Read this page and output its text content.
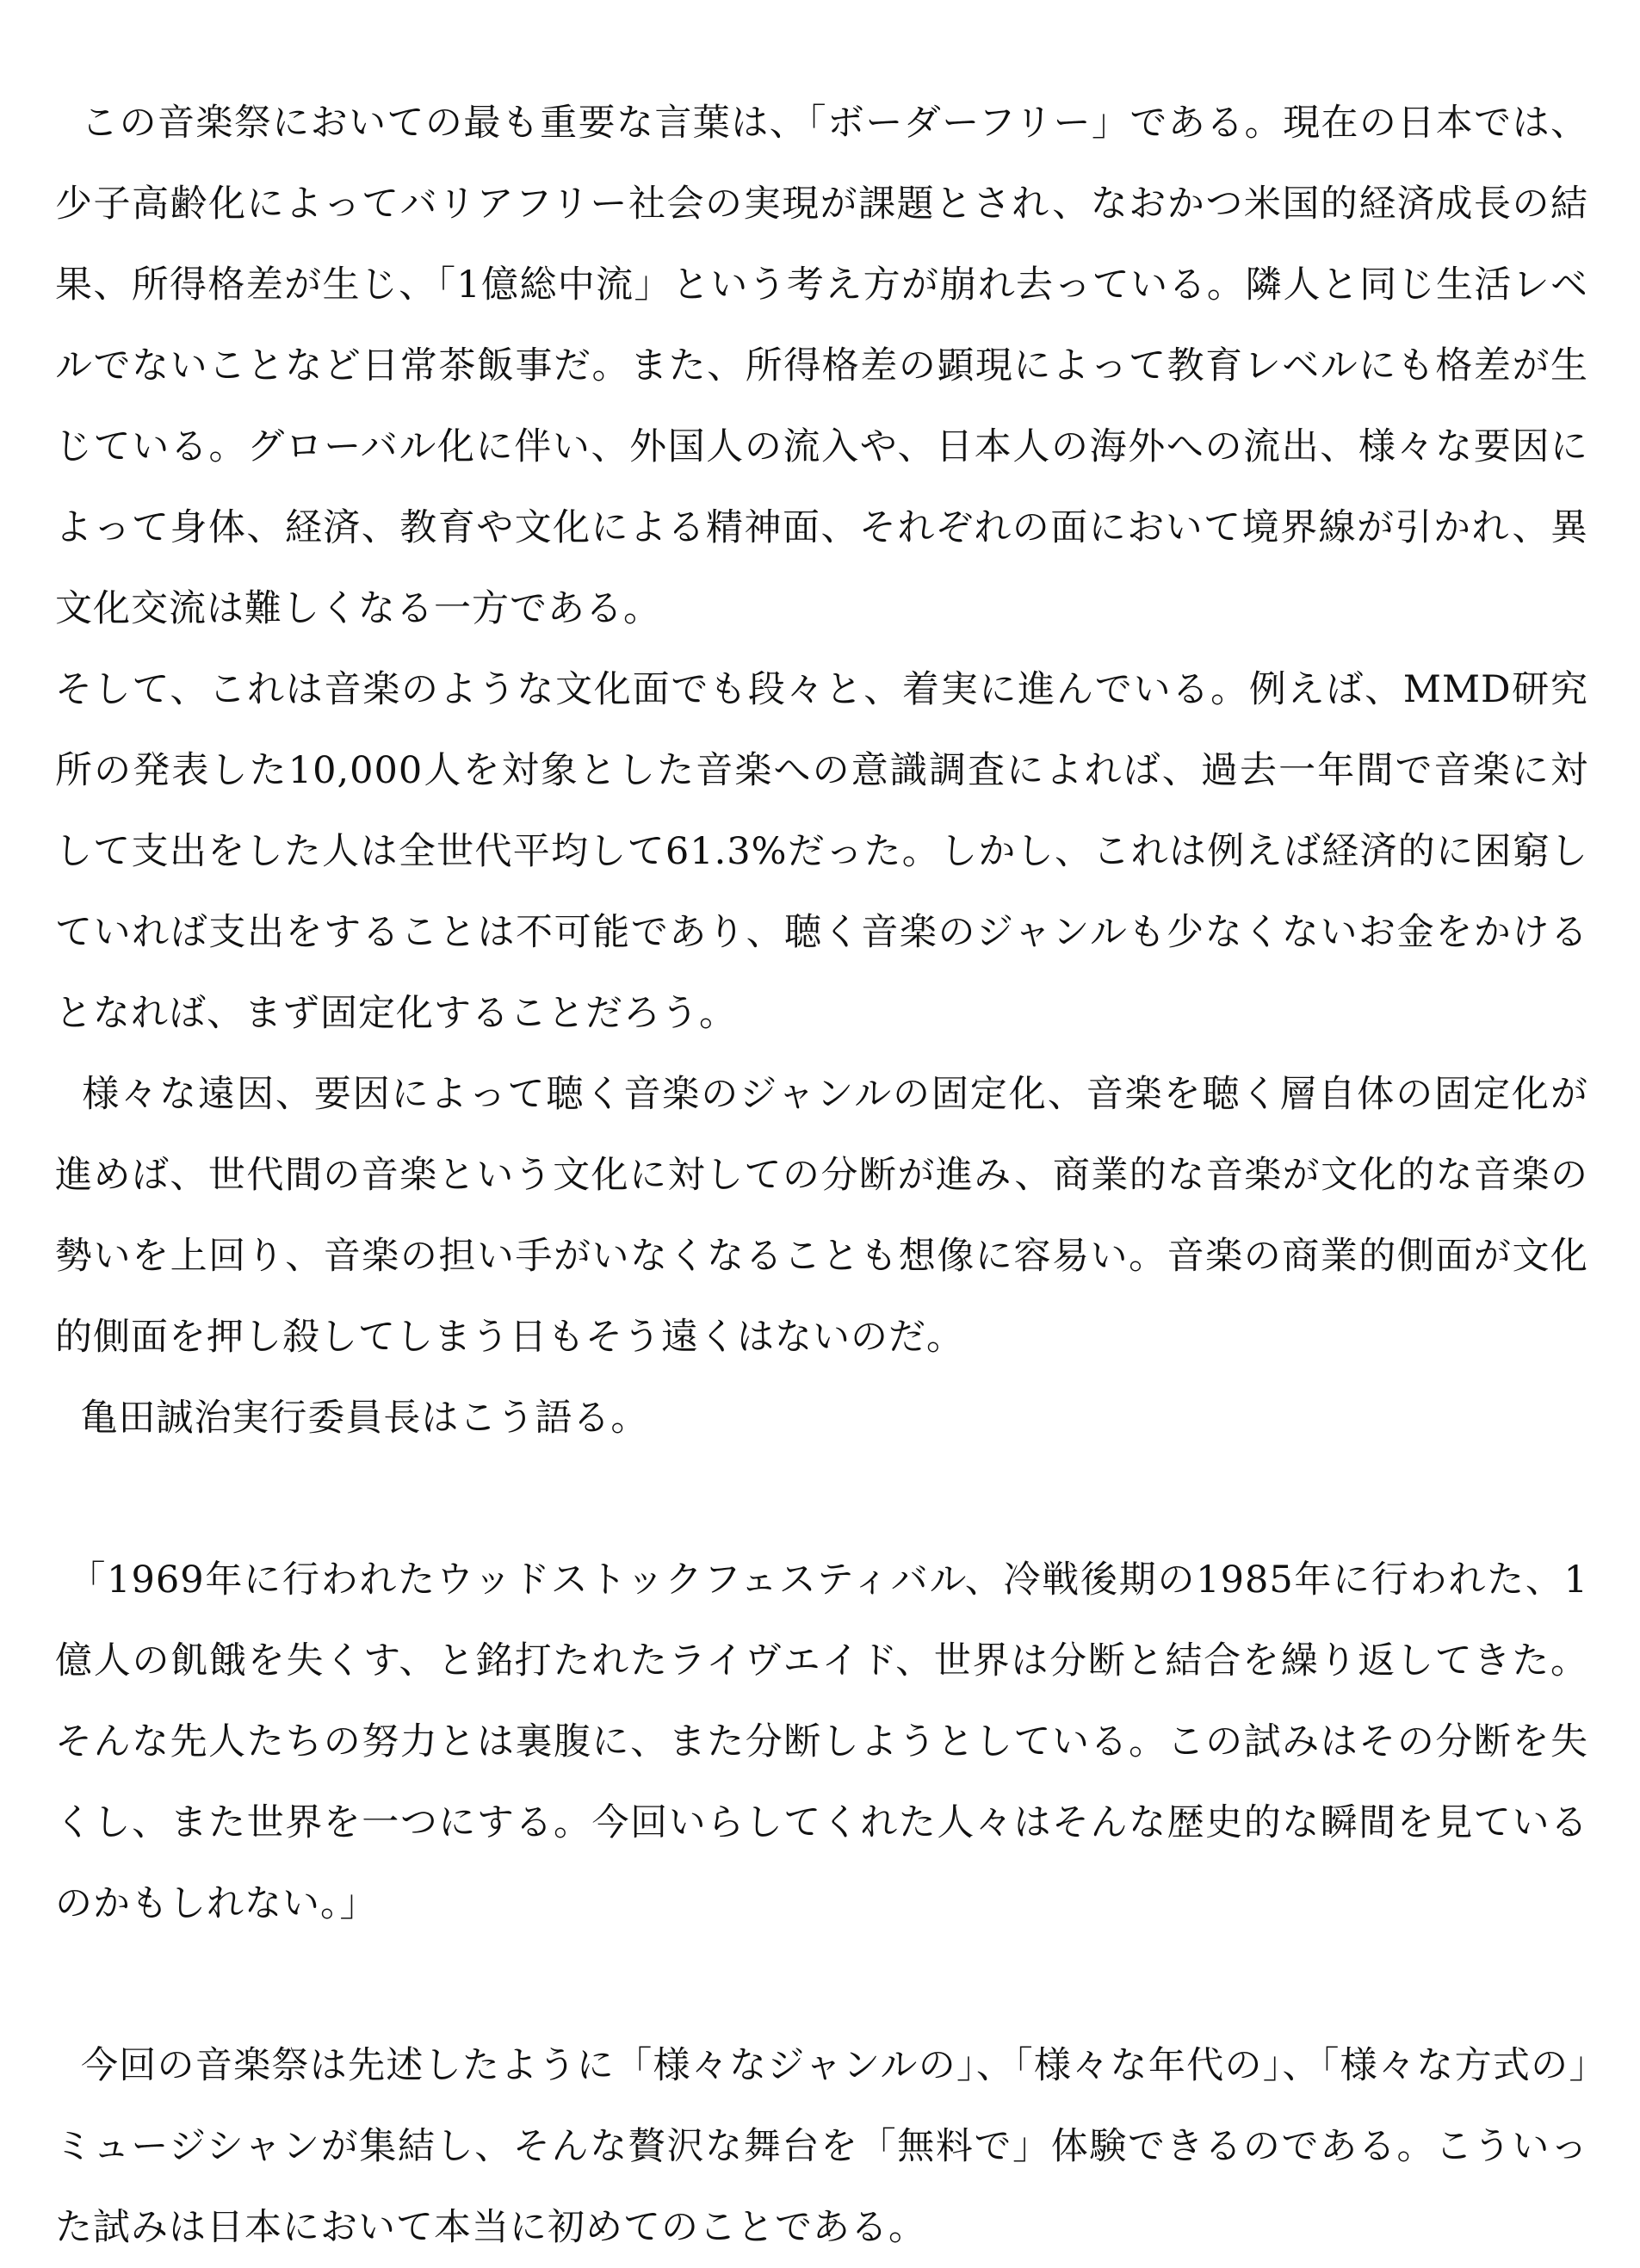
この音楽祭においての最も重要な言葉は、「ボーダーフリー」である。現在の日本では、少子高齢化によってバリアフリー社会の実現が課題とされ、なおかつ米国的経済成長の結果、所得格差が生じ、「1億総中流」という考え方が崩れ去っている。隣人と同じ生活レベルでないことなど日常茶飯事だ。また、所得格差の顕現によって教育レベルにも格差が生じている。グローバル化に伴い、外国人の流入や、日本人の海外への流出、様々な要因によって身体、経済、教育や文化による精神面、それぞれの面において境界線が引かれ、異文化交流は難しくなる一方である。

そして、これは音楽のような文化面でも段々と、着実に進んでいる。例えば、MMD研究所の発表した10,000人を対象とした音楽への意識調査によれば、過去一年間で音楽に対して支出をした人は全世代平均して61.3%だった。しかし、これは例えば経済的に困窮していれば支出をすることは不可能であり、聴く音楽のジャンルも少なくないお金をかけるとなれば、まず固定化することだろう。

様々な遠因、要因によって聴く音楽のジャンルの固定化、音楽を聴く層自体の固定化が進めば、世代間の音楽という文化に対しての分断が進み、商業的な音楽が文化的な音楽の勢いを上回り、音楽の担い手がいなくなることも想像に容易い。音楽の商業的側面が文化的側面を押し殺してしまう日もそう遠くはないのだ。

亀田誠治実行委員長はこう語る。

「1969年に行われたウッドストックフェスティバル、冷戦後期の1985年に行われた、1億人の飢餓を失くす、と銘打たれたライヴエイド、世界は分断と結合を繰り返してきた。そんな先人たちの努力とは裏腹に、また分断しようとしている。この試みはその分断を失くし、また世界を一つにする。今回いらしてくれた人々はそんな歴史的な瞬間を見ているのかもしれない。」

今回の音楽祭は先述したように「様々なジャンルの」、「様々な年代の」、「様々な方式の」ミュージシャンが集結し、そんな贅沢な舞台を「無料で」体験できるのである。こういった試みは日本において本当に初めてのことである。
